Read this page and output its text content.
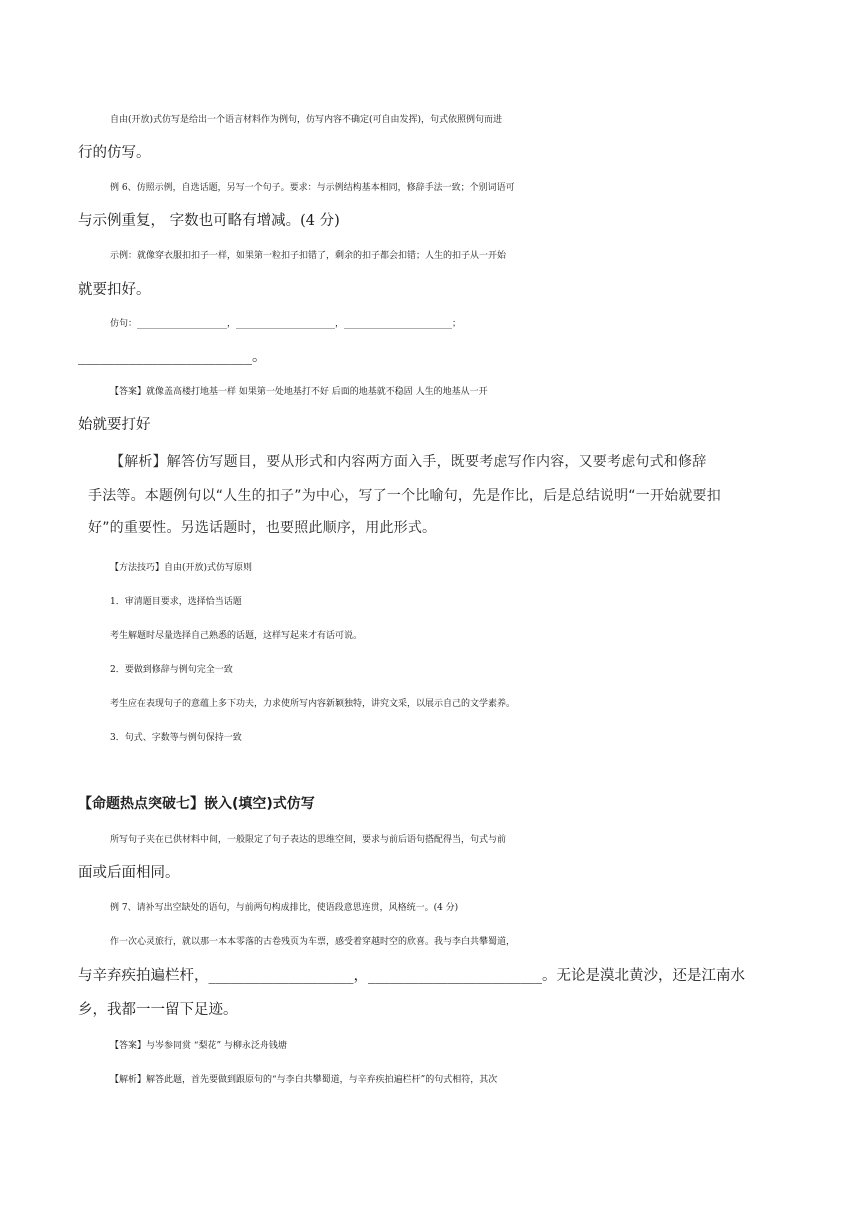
自由(开放)式仿写是给出一个语言材料作为例句，仿写内容不确定(可自由发挥)，句式依照例句而进
行的仿写。
例 6、仿照示例，自选话题，另写一个句子。要求：与示例结构基本相同，修辞手法一致；个别词语可
与示例重复， 字数也可略有增减。(4 分)
示例：就像穿衣服扣扣子一样，如果第一粒扣子扣错了，剩余的扣子都会扣错；人生的扣子从一开始
就要扣好。
仿句：____________________，______________________，________________________；
________________________。
【答案】就像盖高楼打地基一样 如果第一处地基打不好 后面的地基就不稳固 人生的地基从一开
始就要打好
【解析】解答仿写题目，要从形式和内容两方面入手，既要考虑写作内容，又要考虑句式和修辞
手法等。本题例句以“人生的扣子”为中心，写了一个比喻句，先是作比，后是总结说明“一开始就要扣
好”的重要性。另选话题时，也要照此顺序，用此形式。
【方法技巧】自由(开放)式仿写原则
1．审清题目要求，选择恰当话题
考生解题时尽量选择自己熟悉的话题，这样写起来才有话可说。
2．要做到修辞与例句完全一致
考生应在表现句子的意蕴上多下功夫，力求使所写内容新颖独特，讲究文采，以展示自己的文学素养。
3．句式、字数等与例句保持一致
【命题热点突破七】嵌入(填空)式仿写
所写句子夹在已供材料中间，一般限定了句子表达的思维空间，要求与前后语句搭配得当，句式与前
面或后面相同。
例 7、请补写出空缺处的语句，与前两句构成排比，使语段意思连贯，风格统一。(4 分)
作一次心灵旅行，就以那一本本零落的古卷残页为车票，感受着穿越时空的欣喜。我与李白共攀蜀道，
与辛弃疾拍遍栏杆，____________________，________________________。无论是漠北黄沙，还是江南水
乡，我都一一留下足迹。
【答案】与岑参同赏 “梨花” 与柳永泛舟钱塘
【解析】解答此题，首先要做到跟原句的“与李白共攀蜀道，与辛弃疾拍遍栏杆”的句式相符，其次
